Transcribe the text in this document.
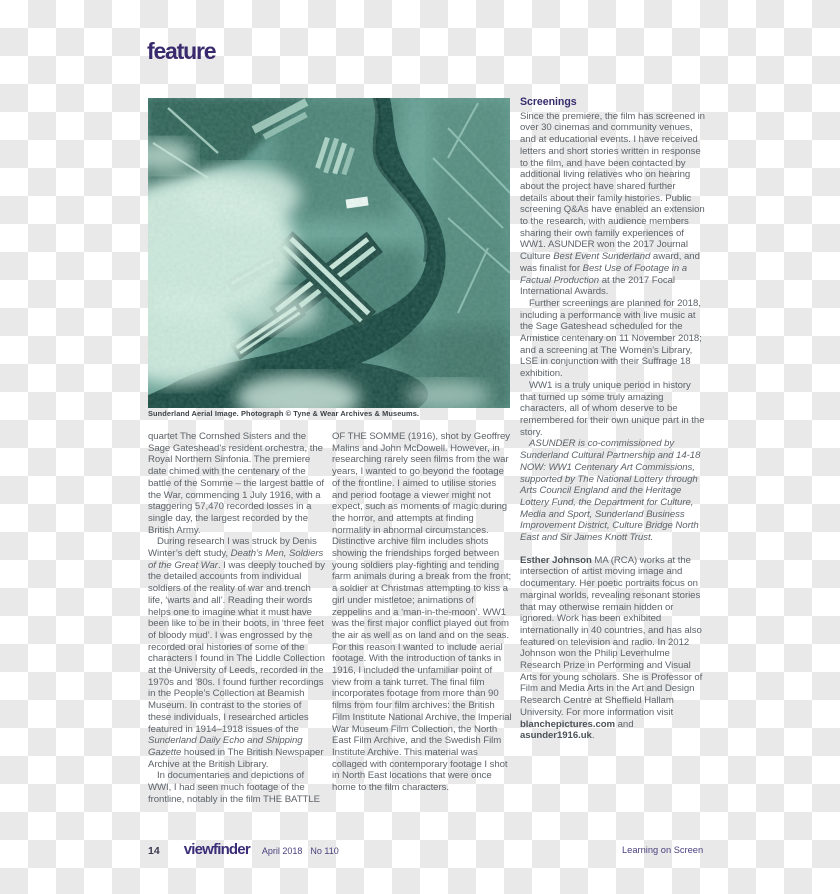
feature
Sunderland Aerial Image. Photograph © Tyne & Wear Archives & Museums.

quartet The Cornshed Sisters and the Sage Gateshead’s resident orchestra, the Royal Northern Sinfonia. The premiere date chimed with the centenary of the battle of the Somme – the largest battle of the War, commencing 1 July 1916, with a staggering 57,470 recorded losses in a single day, the largest recorded by the British Army.

During research I was struck by Denis Winter’s deft study, Death’s Men, Soldiers of the Great War. I was deeply touched by the detailed accounts from individual soldiers of the reality of war and trench life, ‘warts and all’. Reading their words helps one to imagine what it must have been like to be in their boots, in ‘three feet of bloody mud’. I was engrossed by the recorded oral histories of some of the characters I found in The Liddle Collection at the University of Leeds, recorded in the 1970s and ’80s. I found further recordings in the People’s Collection at Beamish Museum. In contrast to the stories of these individuals, I researched articles featured in 1914–1918 issues of the Sunderland Daily Echo and Shipping Gazette housed in The British Newspaper Archive at the British Library.

In documentaries and depictions of WWI, I had seen much footage of the frontline, notably in the film THE BATTLE

OF THE SOMME (1916), shot by Geoffrey Malins and John McDowell. However, in researching rarely seen films from the war years, I wanted to go beyond the footage of the frontline. I aimed to utilise stories and period footage a viewer might not expect, such as moments of magic during the horror, and attempts at finding normality in abnormal circumstances. Distinctive archive film includes shots showing the friendships forged between young soldiers play-fighting and tending farm animals during a break from the front; a soldier at Christmas attempting to kiss a girl under mistletoe; animations of zeppelins and a ‘man-in-the-moon’. WW1 was the first major conflict played out from the air as well as on land and on the seas. For this reason I wanted to include aerial footage. With the introduction of tanks in 1916, I included the unfamiliar point of view from a tank turret. The final film incorporates footage from more than 90 films from four film archives: the British Film Institute National Archive, the Imperial War Museum Film Collection, the North East Film Archive, and the Swedish Film Institute Archive. This material was collaged with contemporary footage I shot in North East locations that were once home to the film characters.

Screenings

Since the premiere, the film has screened in over 30 cinemas and community venues, and at educational events. I have received letters and short stories written in response to the film, and have been contacted by additional living relatives who on hearing about the project have shared further details about their family histories. Public screening Q&As have enabled an extension to the research, with audience members sharing their own family experiences of WW1. ASUNDER won the 2017 Journal Culture Best Event Sunderland award, and was finalist for Best Use of Footage in a Factual Production at the 2017 Focal International Awards.

Further screenings are planned for 2018, including a performance with live music at the Sage Gateshead scheduled for the Armistice centenary on 11 November 2018; and a screening at The Women’s Library, LSE in conjunction with their Suffrage 18 exhibition.

WW1 is a truly unique period in history that turned up some truly amazing characters, all of whom deserve to be remembered for their own unique part in the story.

ASUNDER is co-commissioned by Sunderland Cultural Partnership and 14-18 NOW: WW1 Centenary Art Commissions, supported by The National Lottery through Arts Council England and the Heritage Lottery Fund, the Department for Culture, Media and Sport, Sunderland Business Improvement District, Culture Bridge North East and Sir James Knott Trust.

Esther Johnson MA (RCA) works at the intersection of artist moving image and documentary. Her poetic portraits focus on marginal worlds, revealing resonant stories that may otherwise remain hidden or ignored. Work has been exhibited internationally in 40 countries, and has also featured on television and radio. In 2012 Johnson won the Philip Leverhulme Research Prize in Performing and Visual Arts for young scholars. She is Professor of Film and Media Arts in the Art and Design Research Centre at Sheffield Hallam University. For more information visit blanchepictures.com and asunder1916.uk.

14 viewfinder April 2018 No 110	Learning on Screen
